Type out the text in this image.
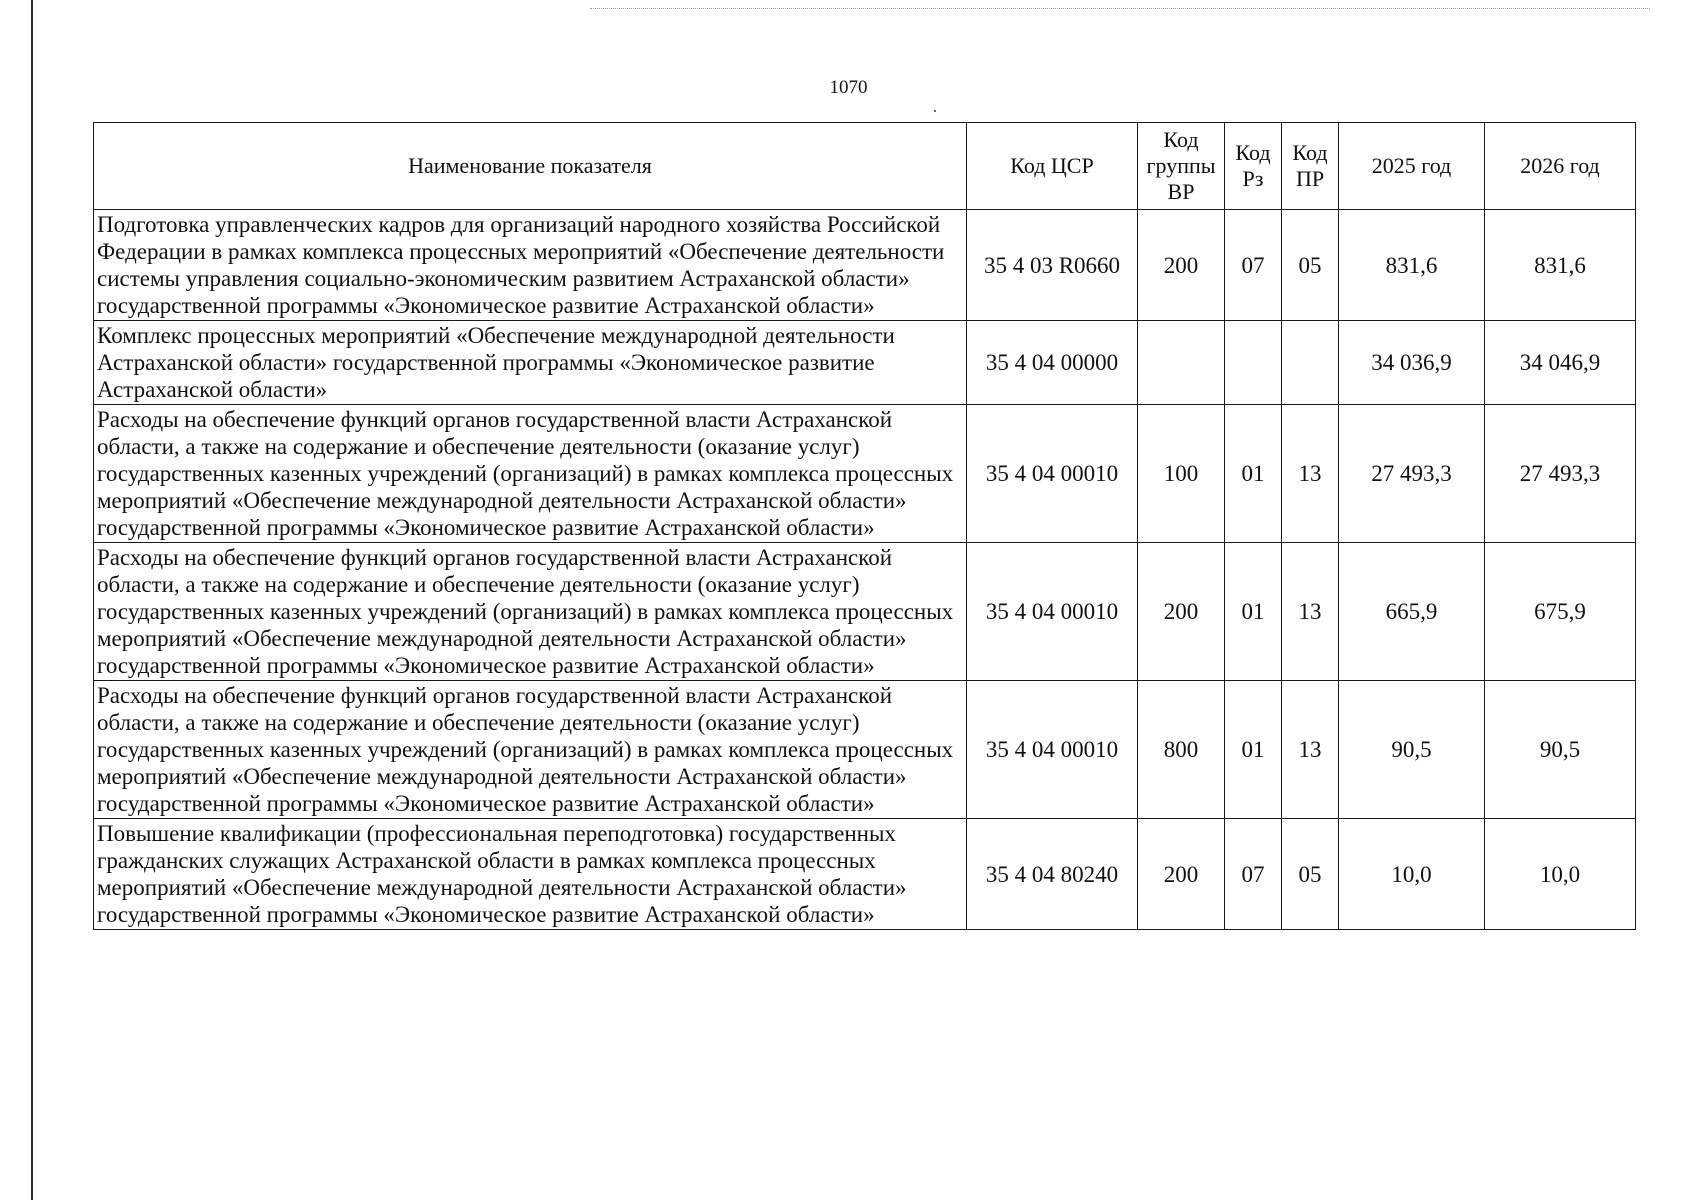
1070
Наименование показателя	Код ЦСР	Код группы ВР	Код Рз	Код ПР	2025 год	2026 год
Подготовка управленческих кадров для организаций народного хозяйства Российской Федерации в рамках комплекса процессных мероприятий «Обеспечение деятельности системы управления социально-экономическим развитием Астраханской области» государственной программы «Экономическое развитие Астраханской области»	35 4 03 R0660	200	07	05	831,6	831,6
Комплекс процессных мероприятий «Обеспечение международной деятельности Астраханской области» государственной программы «Экономическое развитие Астраханской области»	35 4 04 00000				34 036,9	34 046,9
Расходы на обеспечение функций органов государственной власти Астраханской области, а также на содержание и обеспечение деятельности (оказание услуг) государственных казенных учреждений (организаций) в рамках комплекса процессных мероприятий «Обеспечение международной деятельности Астраханской области» государственной программы «Экономическое развитие Астраханской области»	35 4 04 00010	100	01	13	27 493,3	27 493,3
Расходы на обеспечение функций органов государственной власти Астраханской области, а также на содержание и обеспечение деятельности (оказание услуг) государственных казенных учреждений (организаций) в рамках комплекса процессных мероприятий «Обеспечение международной деятельности Астраханской области» государственной программы «Экономическое развитие Астраханской области»	35 4 04 00010	200	01	13	665,9	675,9
Расходы на обеспечение функций органов государственной власти Астраханской области, а также на содержание и обеспечение деятельности (оказание услуг) государственных казенных учреждений (организаций) в рамках комплекса процессных мероприятий «Обеспечение международной деятельности Астраханской области» государственной программы «Экономическое развитие Астраханской области»	35 4 04 00010	800	01	13	90,5	90,5
Повышение квалификации (профессиональная переподготовка) государственных гражданских служащих Астраханской области в рамках комплекса процессных мероприятий «Обеспечение международной деятельности Астраханской области» государственной программы «Экономическое развитие Астраханской области»	35 4 04 80240	200	07	05	10,0	10,0
